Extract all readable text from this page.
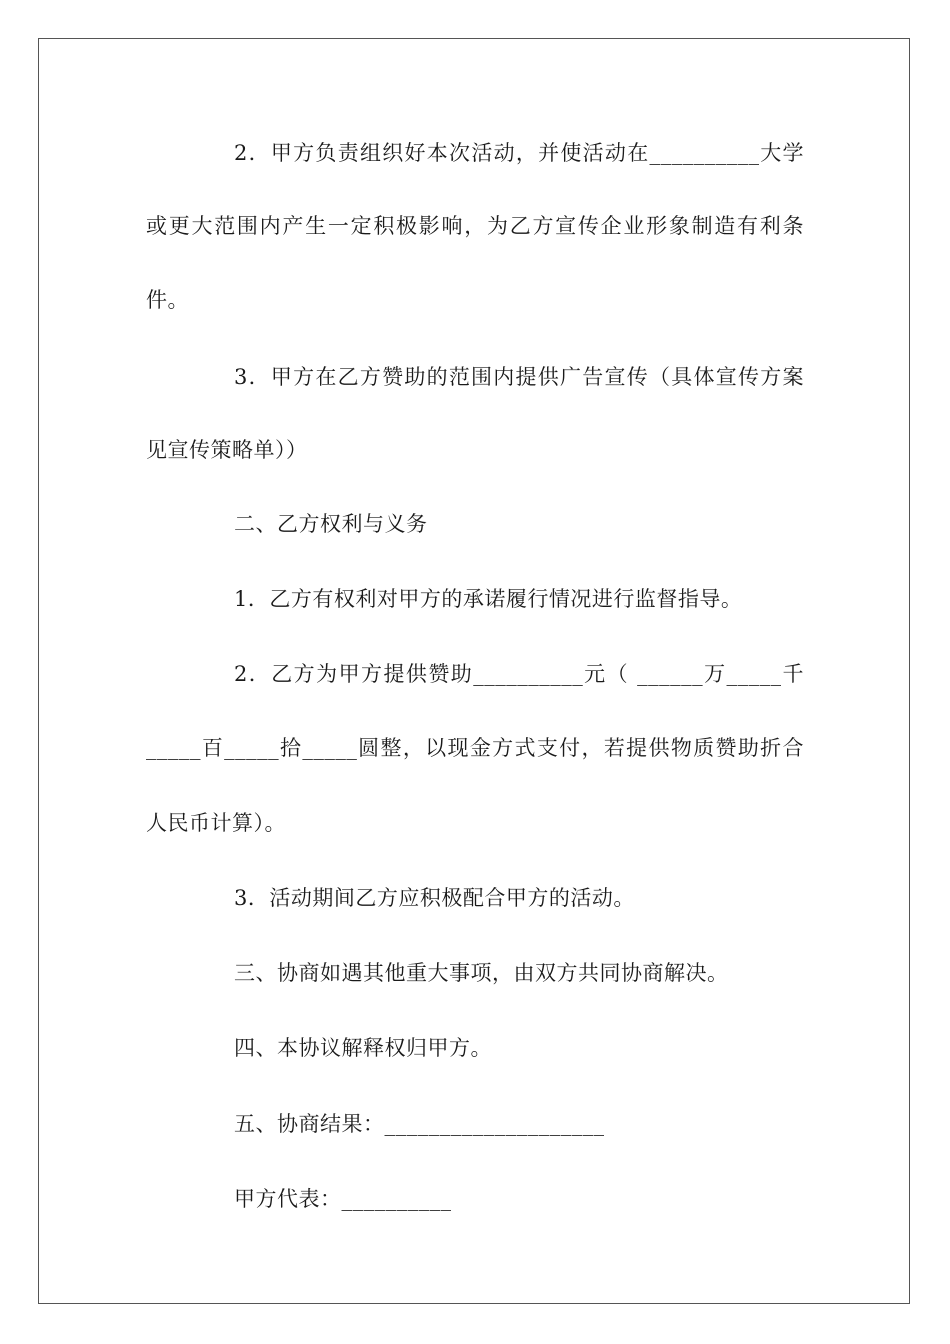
2．甲方负责组织好本次活动，并使活动在__________大学
或更大范围内产生一定积极影响，为乙方宣传企业形象制造有利条
件。
3．甲方在乙方赞助的范围内提供广告宣传（具体宣传方案
见宣传策略单））
二、乙方权利与义务
1．乙方有权利对甲方的承诺履行情况进行监督指导。
2．乙方为甲方提供赞助__________元（ ______万_____千
_____百_____拾_____圆整，以现金方式支付，若提供物质赞助折合
人民币计算）。
3．活动期间乙方应积极配合甲方的活动。
三、协商如遇其他重大事项，由双方共同协商解决。
四、本协议解释权归甲方。
五、协商结果：____________________
甲方代表：__________
